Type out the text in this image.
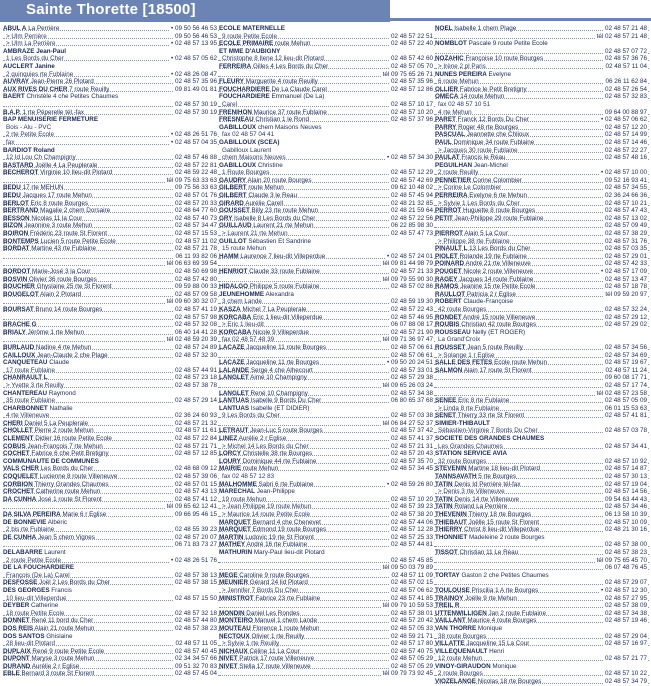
Sainte Thorette [18500]
ABUL A La Perrière	• 09 50 56 46 53
> Ulm Perrière	09 50 56 46 53
> Ulm La Perrière	• 02 48 57 13 95
AMBRAZE Jean-Paul
1 Les Bords du Cher	• 02 48 57 05 62
AUCLERT Janine
2 quinquies rte Fublaine	• 02 48 26 08 47
AUVRAY Jean-Pierre 26 Plotard	02 48 57 35 96
AUX RIVES DU CHER 7 route Reuilly	09 81 49 01 81
BAERT Christèle 4 che Petites Chaumes
02 48 57 30 19
B.A.P. 1 rte Péperelle tél.-fax	02 48 57 30 19
BAP MENUISERIE FERMETURE
Bois - Alu - PVC
2 rte Petite Ecole	• 02 48 26 51 76
fax	• 02 48 57 04 35
BARDIOT Roland
12 Id Lou Ch Champigny	02 48 57 46 88
BASTARD Joëlle 4 La Peuplerale	02 48 57 22 81
BECHEROT Virginie 10 Ileu-dit Plotard	02 48 59 22 48
tél 09 75 63 33 63
BEDU 17 rte MEHUN	09 75 56 33 63
BEDU Jacques 17 route Mehun	02 48 57 01 76
BERLOT Eric 8 route Bourges	02 48 57 20 33
BERTRAND Magalie 2 chem Dorsaire	02 48 64 77 60
BESSON Nicolas 11 la Cour	02 48 57 40 73
BIZON Jeannine 3 route Mehun	02 48 57 34 47
BOIRON Frédéric 23 route St Florent	02 48 57 15 53
BONTEMPS Lucien 5 route Petite Ecole	02 48 57 11 02
BORDAT Martine 43 rte Fublaine	02 48 57 21 78
06 11 93 82 06
tél 06 63 69 39 54
BORDOT Marie-José 3 la Cour	02 48 50 69 98
BOSVIN Olivier 36 route Bourges	02 48 57 42 80
BOUCHER Ghyslaine 25 rte St Florent	09 59 88 00 33
BOUGELOT Alain 2 Plotard	02 48 57 09 58
tél 09 60 30 32 07
BOURSAT Bruno 14 route Bourges	02 48 57 41 19
02 48 57 57 98
BRACHE G	02 48 57 32 08
BRIALY Jérôme 1 rte Mehun	06 40 14 41 28
tél 02 48 59 20 39
BURLAUD Nadine 4 rte Mehun	02 48 57 24 89
CAILLOUX Jean-Claude 2 che Plage	02 48 57 32 30
CANQUETEAU Claude
17 route Fublaine	02 48 57 44 91
CHANRAULT L	02 48 57 23 18
> Yvette 3 rte Reuilly	02 48 57 38 78
CHANTEREAU Raymond
35 route Fublaine	02 48 57 29 14
CHARBONNET Nathalie
4 rte Villeneuve	02 36 24 60 93
CHERI Daniel 5 La Peuplerale	02 48 57 21 32
CHOLLET Pierre 2 route Mehun	02 48 57 11 61
CLEMENT Didier 16 route Petite Ecole	02 48 57 22 84
COBUS Jean-François 7 rte Mehun	02 48 57 21 71
COCHET Fabrice 6 che Petit Bretigny	02 48 57 12 85
COMMUNAUTE DE COMMUNES
VALS CHER Les Bords du Cher	02 48 68 09 12
COQUELET Lucienne 8 route Villeneuve	02 48 57 39 06
CORBION Thierry Grandes Chaumes	02 48 57 01 15
CROCHET Catherine route Mehun	02 48 57 43 13
DA CUNHA José 1 route St Florent	02 48 57 41 12
tél 09 65 62 12 41
DA SILVA PEREIRA Marie 6 r Eglise	09 66 95 46 15
DE BONNEVIE Albéric
2 bis rte Fublaine	02 48 55 39 23
DE CUNHA Jean 5 chem Vignes	02 48 57 20 07
06 71 83 73 27
DELABARRE Laurent
2 route Petite Ecole	• 02 48 26 51 76
DE LA FOUCHARDIERE
François (De La) Carel	02 48 57 38 13
DESFOSSE Joël 2 Les Bords du Cher	02 48 57 38 15
DES GEORGES Francis
10 lieu-dit Villeperdue	02 48 57 15 50
DEYBER Catherine
18 route Petite Ecole	02 48 57 32 18
DONNET René 11 bord du Cher	02 48 57 44 80
DOS REIS Alain 21 route Mehun	02 48 57 38 23
DOS SANTOS Ghislaine
28 lieu-dit Plotard	02 48 57 11 05
DUPLAIX René 9 route Petite Ecole	02 48 57 40 45
DUPONT Maryse 3 route Mehun	02 34 34 57 66
DURAND Aurélie 2 r Eglise	09 51 32 70 83
EBLE Bernard 3 route St Florent	02 48 57 45 04
ECOLE MATERNELLE
9 route Petite Ecole	02 48 57 22 51
ECOLE PRIMAIRE route Mehun	02 48 57 22 40
ET MME D'AUBIGNY
Christophe 8 Ilene 12 lieu-dit Plotard	02 48 57 42 60
FERREIRA Gilles 4 Les Bords du Cher	02 48 57 05 70
tél 09 75 65 26 71
FLEURY Marguerite 4 route Reuilly	02 48 57 35 96
FOUCHARDIERE De La Claude Carel	02 48 57 12 86
FOUCHARDIERE Emmanuel (De La)
Carel	02 48 57 10 17
FRENIHON Maurice 37 route Fublaine	02 48 57 10 20
FRESNEAU Christian 1 le Rond	02 48 57 37 96
GABILLOUX chem Maisons Neuves
fax 02 48 57 04 41
GABILLOUX (SCEA)
Gabilloux Laurent
chem Maisons Neuves	• 02 48 57 34 30
GABILLOUX Christine
1 Route Bourges	02 48 57 12 29
GAUDRY Alain 20 route Bourges	02 48 57 42 69
GILBERT route Mehun	09 62 10 48 02
GILBERT Claude 3 le Reau	02 48 57 45 94
GIRARD Aurélie Carell	02 48 21 32 85
GOUSSET Billy 23 rte route Mehun	02 48 21 59 64
GRY Isabelle 8 Les Bords du Cher	02 48 57 22 56
GUILLAUD Laurent 21 rte Mehun	06 22 85 98 30
> Laurent 21 rte Mehun	02 48 57 47 73
GUILLOT Sébastien Et Sandrine
15 route Mehun
HAMM Laurence 7 lieu-dit Villeperdue	• 02 48 57 24 01
tél 09 81 44 98 79
HENRIOT Claude 33 route Fublaine	02 48 57 21 33
tél 09 79 55 90 30
HIDALGO Philippe 5 route Fublaine	02 48 57 02 86
JEUNEHOMME Alexandra
3 chem Lande	02 48 59 19 30
KASZA Michel 7 La Peuplerale	02 48 57 22 43
KORCABA Eric 1 lieu-dit Villeperdue	02 48 57 46 95
> Eric 1 lieu-dit	06 07 88 08 17
KORCABA Nicole 9 Villeperdue	02 48 57 21 90
fax 02 48 57 48 39	tél 09 71 36 97 47
LACAZE Jacqueline 11 route Bourges	02 48 57 06 61
02 48 57 06 61
LACAZE Jacqueline 11 rte Bourges	• 09 50 20 24 51
LALANDE Serge 4 che Alhecourt	02 48 57 33 01
LANGLET Aimé 10 Champigny	02 48 57 29 38
tél 09 65 26 03 24
LANGLET René 10 Champigny	02 48 57 34 38
LANTUAS Isabelle 9 Bords Du Cher	06 80 65 37 68
LANTUAS Isabelle (ET DIDIER)
9 Les Bords du Cher	02 48 57 03 38
tél 06 84 27 52 37
LETRAUT Jean-Luc 5 route Bourges	02 48 57 37 42
LINEZ Aurélie 2 r Eglise	02 48 57 41 37
> Michel 14 Les Bords du Cher	02 48 57 21 31
LORCY Christelle 38 rte Bourges	02 48 57 20 43
LOURY Dominique 44 rte Fublaine	02 48 57 35 70
MAIRIE route Mehun	02 48 57 34 45
fax 02 48 57 12 83
MALHOMME Sabri 6 rte Fublaine	• 02 48 59 26 80
MARECHAL Jean-Philippe
19 route Mehun	02 48 57 10 20
> Jean Philippe 19 route Mehun	02 48 57 39 23
> Maurice 14 route Petite Ecole	02 48 57 38 20
MARQUET Bernard 4 che Chenevet	02 48 57 44 06
MARQUET Edmond 19 route Bourges	02 48 57 12 28
MARTIN Ludovic 19 rte St Florent	02 48 57 25 33
MATHEY André 16 rte Fublaine	02 48 57 44 81
MATHURIN Mary-Paul lieu-dit Plotard
02 48 57 45 85
tél 09 50 03 79 89
MEGE Caroline 9 route Bourges	02 48 57 11 09
MEUNIER Gérard 24 lid Plotard	02 48 57 02 15
> Jennifer 7 Bords Du Cher	02 48 57 06 62
MINISTROT Fabrice 23 rte Fublaine	02 48 57 41 85
tél 09 79 10 59 53
MONDIN Daniel Les Rondes	02 48 57 38 01
MONTEIRO Manuel 1 chem Lande	02 48 57 20 42
MOUTEAU Florence 1 route Mehun	02 48 57 05 33
NECTOUX Olivier 1 rte Reuilly	02 48 59 21 71
> Sylvie 1 rte Reuilly	02 48 57 17 80
NICHAUX Céline 11 La Cour	02 48 57 40 75
NIVET Patrick 17 route Villeneuve	02 48 57 05 29
NIVET Stella 17 route Villeneuve	02 48 57 05 29
tél 09 79 73 92 45
NOEL Isabelle 1 chem Plage	02 48 57 21 48
tél 02 48 57 21 48
NOMBLOT Pascale 9 route Petite Ecole
02 48 57 07 72
NOZAHIC Françoise 10 route Bourges	02 48 57 36 76
> Irène 2 pl Paris	02 48 57 11 04
NUNES PEREIRA Evelyne
6 route Mehun	06 26 11 62 84
OLLIER Fabrice le Petit Bretigny	02 48 57 26 54
OMECA 14 route Mehun	02 48 57 32 83
fax 02 48 57 10 51
4 rte Mehun	09 64 00 88 97
PARET Franck 12 Bords Du Cher	• 02 48 57 06 62
PARRY Roger 48 rte Bourges	02 48 57 12 20
PASCUAL Jeannette che Chlioux	02 48 57 14 99
PAUL Dominique 34 route Fublaine	02 48 57 14 46
> Jacques 30 route Fublaine	02 48 57 22 27
PAULAT Francis le Réau	02 48 57 48 16
PEGUILHAN Jean-Michel
2 route Reuilly	• 02 48 57 10 00
PENNETIER Corine Colombier	09 52 16 93 41
> Corine Le Colombier	02 48 57 34 55
PERREIRA Evelyne 6 rte Mehun	02 36 24 66 36
> Sylvie 1 Les Bords du Cher	02 48 57 10 21
PERROT Huguette 8 route Bourges	02 48 57 47 43
PETIT Jean-Philippe 29 route Fublaine	02 48 57 13 02
02 48 57 09 49
PIERROT Alain 5 La Cour	02 48 57 38 29
> Philippe 38 rte Fublaine	02 48 57 31 76
PINAULT L 13 Les Bords du Cher	02 48 57 03 35
PIOLET Rolande 19 rte Fublaine	02 48 57 29 01
POINARD André 21 rte Villeneuve	02 48 57 42 33
POUGET Nicole 2 route Villeneuve	• 02 48 57 17 09
RAGEY Jacques 14 route Fublaine	02 48 57 13 47
RAMOS Jeanine 15 rte Petite Ecole	02 48 57 18 78
RAULLOT Patricia 2 r Eglise	tél 09 59 20 97
ROBERT Claude-Françoise
42 route Bourges	02 48 57 32 24
RONDET André 15 route Villeneuve	02 48 57 29 12
ROUBIS Christian 42 route Bourges	02 48 57 29 02
ROUSSEAU Nelly (ET ROGER)
La Grand'Croix
ROUSSET Jean 5 route Reuilly	02 48 57 34 56
> Solange 1 r Eglise	02 48 57 34 69
SALLE DES FETES Ecole route Mehun	02 48 57 19 67
SALMON Alain 17 route St Florent	02 48 57 11 24
09 60 08 17 71
02 48 57 17 74
tél 02 48 57 23 58
SENEE Eric 8 rte Fublaine	02 48 57 05 09
> Linda 8 rte Fublaine	06 01 15 53 63
SENET Thierry 33 rte St Florent	02 48 57 41 81
SIMIER-THIBAULT
Sébastien-Virginie 7 Bords Du Cher	02 48 57 03 78
SOCIETE DES GRANDES CHAUMES
Les Grandes Chaumes	02 48 57 34 41
STATION SERVICE AVIA
32 route Bourges	02 48 57 10 92
STEVENIN Martine 18 lieu-dit Plotard	02 48 57 14 87
TANNSAVATH 5 rte Bourges	02 48 57 30 13
TATIN Denis Id Perrière tél-fax	02 48 57 19 04
> Denis 3 rte Villeneuve	02 48 57 14 56
TATIN Denis 14 rte Villeneuve	09 54 63 44 43
TATIN Roland La Perrière	02 48 57 34 46
THEVENIN Thierry 18 rte Bourges	06 13 58 10 39
THIEBAUT Joëlle 15 route St Florent	02 48 57 10 09
THIERRY Christ 8 lieu-dit Villeperdue	02 48 21 30 16
THONNIET Madeleine 2 route Bourges
02 48 57 38 00
TISSOT Christian 11 Le Réau	02 48 57 38 23
tél 09 75 65 45 70
06 07 48 76 45
TORTAY Gaston 2 che Petites Chaumes
02 48 57 29 07
TOULOUSE Priscilia 1 A rte Bourges	• 02 48 57 12 30
TRAINOY Joëlle 9 rte Mehun	02 48 57 27 95
TREIL R	02 48 57 38 09
UTTENWILLIGEN Jan 2 route Fublaine	02 48 57 34 38
VAILLANT Maurice 4 route Bourges	02 48 57 19 46
VAN THORRE Monique
38 route Bourges	02 48 57 29 04
VILLATTE Jacqueline 15 La Cour	02 48 57 16 97
VILLEQUENAULT Henri
12 route Mehun	02 48 57 21 77
VINOY-GIRAUDON Monique
2 route Bourges	02 48 57 10 22
VIOZELANGE Nicolas 18 rte Bourges	02 48 57 34 79
